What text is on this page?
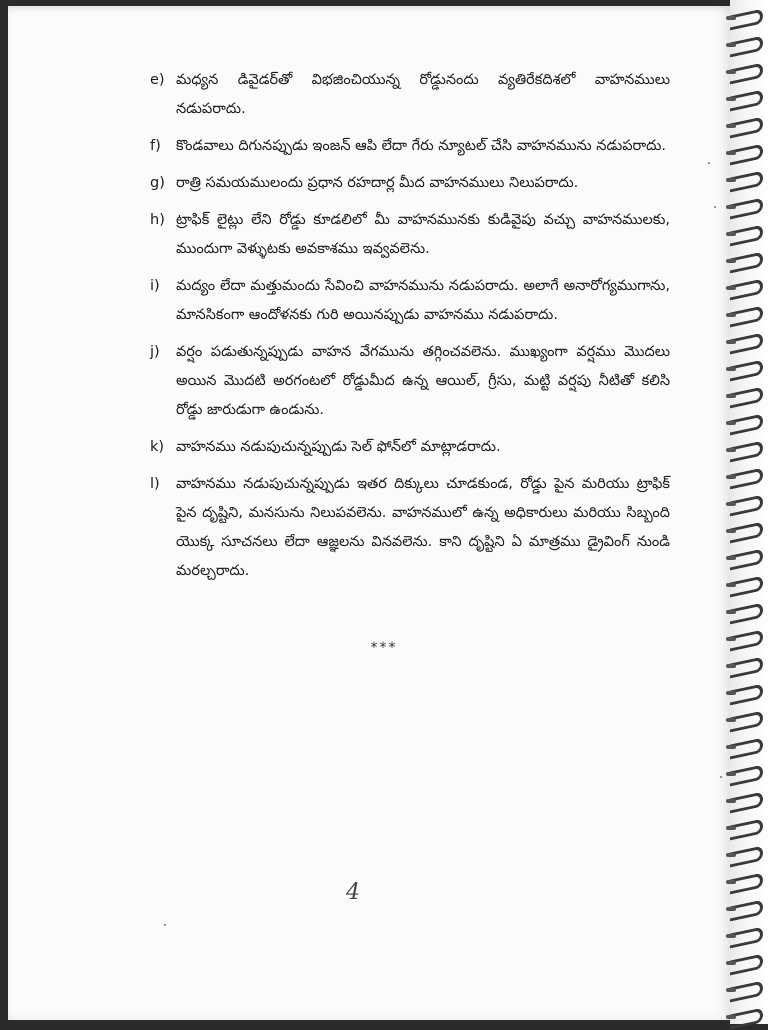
e) మధ్యన డివైడర్‌తో విభజించియున్న రోడ్డునందు వ్యతిరేకదిశలో వాహనములు నడుపరాదు.
f)	కొండవాలు దిగునప్పుడు ఇంజన్ ఆపి లేదా గేరు న్యూటల్ చేసి వాహనమును నడుపరాదు.
g) రాత్రి సమయములందు ప్రధాన రహదార్ల మీద వాహనములు నిలుపరాదు.
h) ట్రాఫిక్ లైట్లు లేని రోడ్డు కూడలిలో మీ వాహనమునకు కుడివైపు వచ్చు వాహనములకు, ముందుగా వెళ్ళుటకు అవకాశము ఇవ్వవలెను.
i)	మద్యం లేదా మత్తుమందు సేవించి వాహనమును నడుపరాదు. అలాగే అనారోగ్యముగాను, మానసికంగా ఆందోళనకు గురి అయినప్పుడు వాహనము నడుపరాదు.
j)	వర్షం పడుతున్నప్పుడు వాహన వేగమును తగ్గించవలెను. ముఖ్యంగా వర్షము మొదలు అయిన మొదటి అరగంటలో రోడ్డుమీద ఉన్న ఆయిల్, గ్రీసు, మట్టి వర్షపు నీటితో కలిసి రోడ్డు జారుడుగా ఉండును.
k) వాహనము నడుపుచున్నప్పుడు సెల్ ఫోన్‌లో మాట్లాడరాదు.
l)	వాహనము నడుపుచున్నప్పుడు ఇతర దిక్కులు చూడకుండ, రోడ్డు పైన మరియు ట్రాఫిక్ పైన దృష్టిని, మనసును నిలుపవలెను. వాహనములో ఉన్న అధికారులు మరియు సిబ్బంది యొక్క సూచనలు లేదా ఆజ్ఞలను వినవలెను. కాని దృష్టిని ఏ మాత్రము డ్రైవింగ్ నుండి మరల్చరాదు.
***
4
